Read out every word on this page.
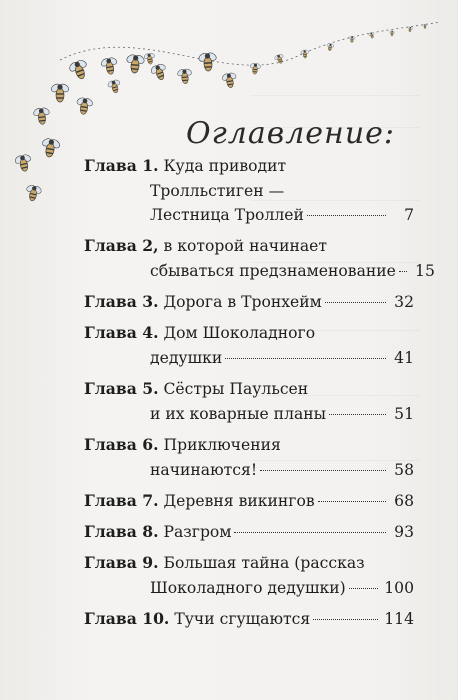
Оглавление:
Глава 1. Куда приводит
Тролльстиген —
Лестница Троллей	7
Глава 2, в которой начинает
сбываться предзнаменование 15
Глава 3. Дорога в Тронхейм	32
Глава 4. Дом Шоколадного
дедушки	41
Глава 5. Сёстры Паульсен
и их коварные планы	51
Глава 6. Приключения
начинаются!	58
Глава 7. Деревня викингов	68
Глава 8. Разгром	93
Глава 9. Большая тайна (рассказ
Шоколадного дедушки) 100
Глава 10. Тучи сгущаются	114
